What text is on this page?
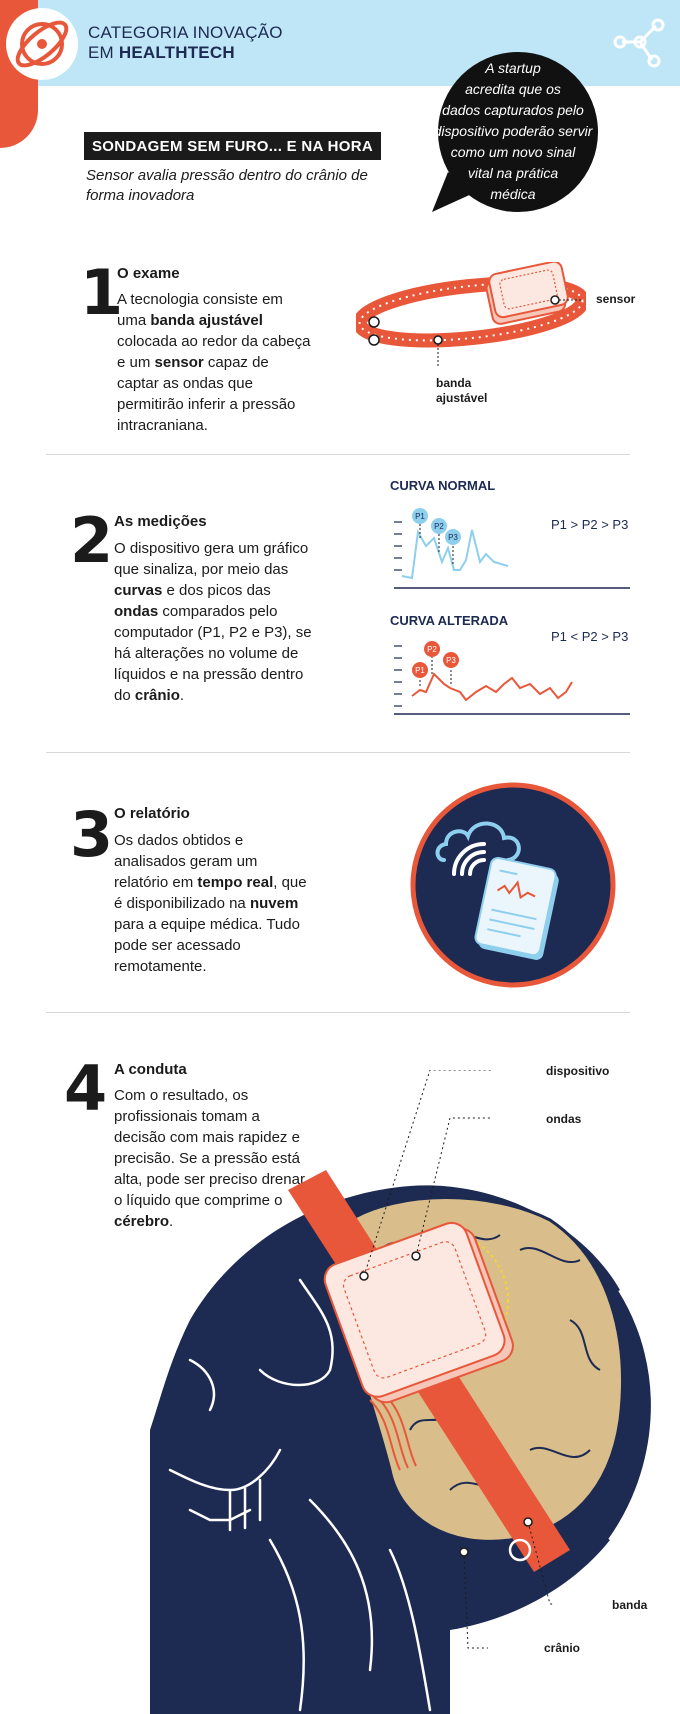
CATEGORIA INOVAÇÃO
EM HEALTHTECH
A startup
acredita que os
dados capturados pelo
dispositivo poderão servir
como um novo sinal
vital na prática
médica
SONDAGEM SEM FURO... E NA HORA
Sensor avalia pressão dentro do crânio de forma inovadora
1
O exame
A tecnologia consiste em uma banda ajustável colocada ao redor da cabeça e um sensor capaz de captar as ondas que permitirão inferir a pressão intracraniana.
sensor
banda
ajustável
2 As medições
O dispositivo gera um gráfico que sinaliza, por meio das curvas e dos picos das ondas comparados pelo computador (P1, P2 e P3), se há alterações no volume de líquidos e na pressão dentro do crânio.
CURVA NORMAL
P1 > P2 > P3
P1
P2
P3
CURVA ALTERADA
P1 < P2 > P3
P1
P2
P3
3 O relatório
Os dados obtidos e analisados geram um relatório em tempo real, que é disponibilizado na nuvem para a equipe médica. Tudo pode ser acessado remotamente.
4 A conduta
Com o resultado, os profissionais tomam a decisão com mais rapidez e precisão. Se a pressão está alta, pode ser preciso drenar o líquido que comprime o cérebro.
dispositivo
ondas
banda
crânio
